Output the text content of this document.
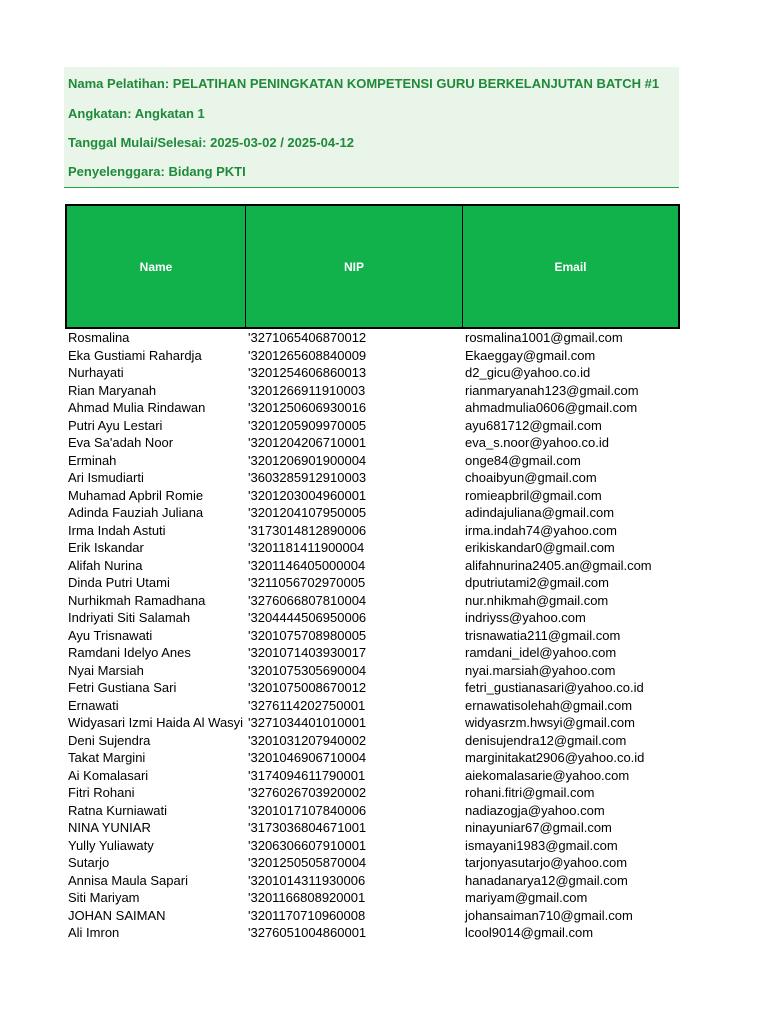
Nama Pelatihan: PELATIHAN PENINGKATAN KOMPETENSI GURU BERKELANJUTAN BATCH #1
Angkatan: Angkatan 1
Tanggal Mulai/Selesai: 2025-03-02 / 2025-04-12
Penyelenggara: Bidang PKTI
Name	NIP	Email
Rosmalina	'3271065406870012	rosmalina1001@gmail.com
Eka Gustiami Rahardja	'3201265608840009	Ekaeggay@gmail.com
Nurhayati	'3201254606860013	d2_gicu@yahoo.co.id
Rian Maryanah	'3201266911910003	rianmaryanah123@gmail.com
Ahmad Mulia Rindawan	'3201250606930016	ahmadmulia0606@gmail.com
Putri Ayu Lestari	'3201205909970005	ayu681712@gmail.com
Eva Sa'adah Noor	'3201204206710001	eva_s.noor@yahoo.co.id
Erminah	'3201206901900004	onge84@gmail.com
Ari Ismudiarti	'3603285912910003	choaibyun@gmail.com
Muhamad Apbril Romie	'3201203004960001	romieapbril@gmail.com
Adinda Fauziah Juliana	'3201204107950005	adindajuliana@gmail.com
Irma Indah Astuti	'3173014812890006	irma.indah74@yahoo.com
Erik Iskandar	'3201181411900004	erikiskandar0@gmail.com
Alifah Nurina	'3201146405000004	alifahnurina2405.an@gmail.com
Dinda Putri Utami	'3211056702970005	dputriutami2@gmail.com
Nurhikmah Ramadhana	'3276066807810004	nur.nhikmah@gmail.com
Indriyati Siti Salamah	'3204444506950006	indriyss@yahoo.com
Ayu Trisnawati	'3201075708980005	trisnawatia211@gmail.com
Ramdani Idelyo Anes	'3201071403930017	ramdani_idel@yahoo.com
Nyai Marsiah	'3201075305690004	nyai.marsiah@yahoo.com
Fetri Gustiana Sari	'3201075008670012	fetri_gustianasari@yahoo.co.id
Ernawati	'3276114202750001	ernawatisolehah@gmail.com
Widyasari Izmi Haida Al Wasyi '3271034401010001	widyasrzm.hwsyi@gmail.com
Deni Sujendra	'3201031207940002	denisujendra12@gmail.com
Takat Margini	'3201046906710004	marginitakat2906@yahoo.co.id
Ai Komalasari	'3174094611790001	aiekomalasarie@yahoo.com
Fitri Rohani	'3276026703920002	rohani.fitri@gmail.com
Ratna Kurniawati	'3201017107840006	nadiazogja@yahoo.com
NINA YUNIAR	'3173036804671001	ninayuniar67@gmail.com
Yully Yuliawaty	'3206306607910001	ismayani1983@gmail.com
Sutarjo	'3201250505870004	tarjonyasutarjo@yahoo.com
Annisa Maula Sapari	'3201014311930006	hanadanarya12@gmail.com
Siti Mariyam	'3201166808920001	mariyam@gmail.com
JOHAN SAIMAN	'3201170710960008	johansaiman710@gmail.com
Ali Imron	'3276051004860001	lcool9014@gmail.com
